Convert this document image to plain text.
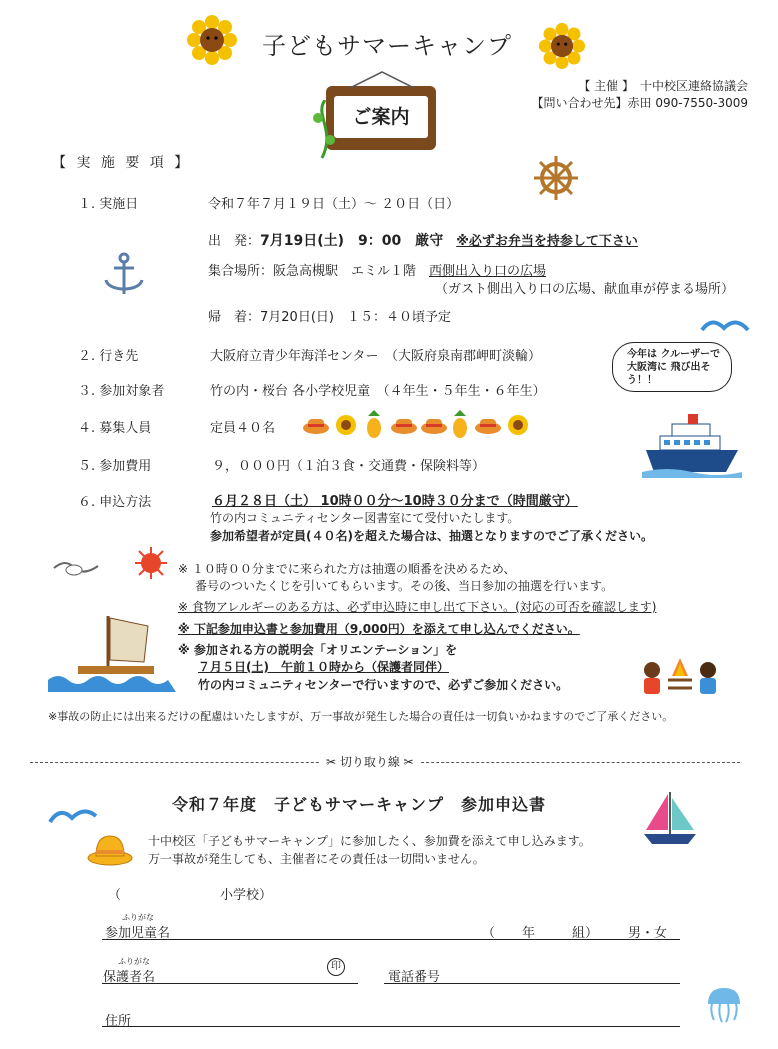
子どもサマーキャンプ
【 主催 】　十中校区連絡協議会
【問い合わせ先】赤田 090-7550-3009
ご案内
【 実 施 要 項 】
１. 実施日	令和７年７月１９日（土）～ ２０日（日）
出　発：7月19日(土)　9：00　厳守　 ※必ずお弁当を持参して下さい
集合場所：阪急高槻駅　エミル１階　西側出入り口の広場
（ガスト側出入り口の広場、献血車が停まる場所）
帰　着：7月20日(日)　１５：４０頃予定
２. 行き先	大阪府立青少年海洋センター　（大阪府泉南郡岬町淡輪）	今年は クルーザーで大阪湾に 飛び出そう！！
３. 参加対象者	竹の内・桜台 各小学校児童　（４年生・５年生・６年生）
４. 募集人員	定員４０名
５. 参加費用	９，０００円（１泊３食・交通費・保険料等）
６. 申込方法	６月２８日（土） 10時００分～10時３０分まで（時間厳守）
竹の内コミュニティセンター図書室にて受付いたします。
参加希望者が定員(４０名)を超えた場合は、抽選となりますのでご了承ください。
※ １０時００分までに来られた方は抽選の順番を決めるため、
番号のついたくじを引いてもらいます。その後、当日参加の抽選を行います。
※ 食物アレルギーのある方は、必ず申込時に申し出て下さい。(対応の可否を確認します)
※ 下記参加申込書と参加費用（9,000円）を添えて申し込んでください。
※ 参加される方の説明会「オリエンテーション」を
７月５日(土)　午前１０時から（保護者同伴）
竹の内コミュニティセンターで行いますので、必ずご参加ください。
※事故の防止には出来るだけの配慮はいたしますが、万一事故が発生した場合の責任は一切負いかねますのでご了承ください。
✂ 切り取り線 ✂
令和７年度　子どもサマーキャンプ　参加申込書
十中校区「子どもサマーキャンプ」に参加したく、参加費を添えて申し込みます。
万一事故が発生しても、主催者にその責任は一切問いません。
（	小学校）
ふりがな
参加児童名	（ 年	組） 男・女
ふりがな
保護者名
印
電話番号
住所
